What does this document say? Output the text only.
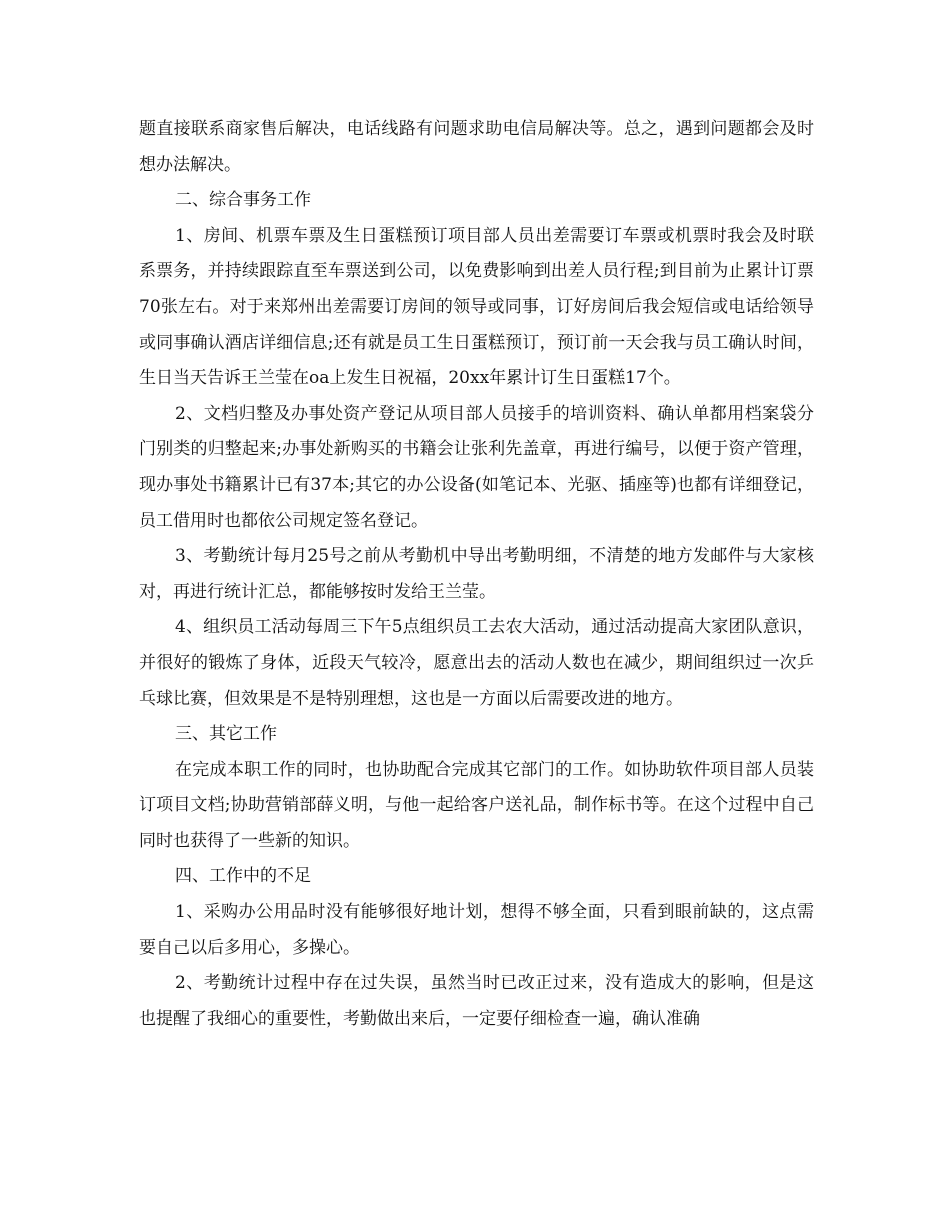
题直接联系商家售后解决，电话线路有问题求助电信局解决等。总之，遇到问题都会及时想办法解决。

二、综合事务工作

1、房间、机票车票及生日蛋糕预订项目部人员出差需要订车票或机票时我会及时联系票务，并持续跟踪直至车票送到公司，以免费影响到出差人员行程;到目前为止累计订票70张左右。对于来郑州出差需要订房间的领导或同事，订好房间后我会短信或电话给领导或同事确认酒店详细信息;还有就是员工生日蛋糕预订，预订前一天会我与员工确认时间，生日当天告诉王兰莹在oa上发生日祝福，20xx年累计订生日蛋糕17个。

2、文档归整及办事处资产登记从项目部人员接手的培训资料、确认单都用档案袋分门别类的归整起来;办事处新购买的书籍会让张利先盖章，再进行编号，以便于资产管理，现办事处书籍累计已有37本;其它的办公设备(如笔记本、光驱、插座等)也都有详细登记，员工借用时也都依公司规定签名登记。

3、考勤统计每月25号之前从考勤机中导出考勤明细，不清楚的地方发邮件与大家核对，再进行统计汇总，都能够按时发给王兰莹。

4、组织员工活动每周三下午5点组织员工去农大活动，通过活动提高大家团队意识，并很好的锻炼了身体，近段天气较冷，愿意出去的活动人数也在减少，期间组织过一次乒乓球比赛，但效果是不是特别理想，这也是一方面以后需要改进的地方。

三、其它工作

在完成本职工作的同时，也协助配合完成其它部门的工作。如协助软件项目部人员装订项目文档;协助营销部薛义明，与他一起给客户送礼品，制作标书等。在这个过程中自己同时也获得了一些新的知识。

四、工作中的不足

1、采购办公用品时没有能够很好地计划，想得不够全面，只看到眼前缺的，这点需要自己以后多用心，多操心。

2、考勤统计过程中存在过失误，虽然当时已改正过来，没有造成大的影响，但是这也提醒了我细心的重要性，考勤做出来后，一定要仔细检查一遍，确认准确
